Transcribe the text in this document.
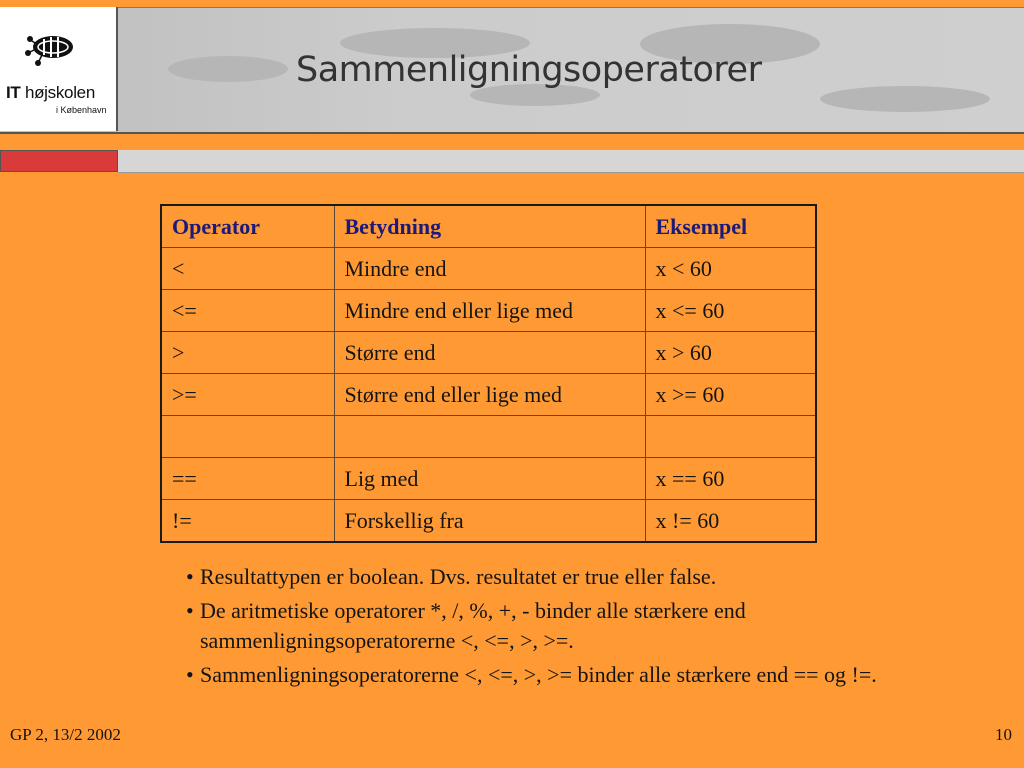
IT højskolen
i København
Sammenligningsoperatorer
Operator	Betydning	Eksempel
<	Mindre end	x < 60
<=	Mindre end eller lige med	x <= 60
>	Større end	x > 60
>=	Større end eller lige med	x >= 60

==	Lig med	x == 60
!=	Forskellig fra	x != 60

• Resultattypen er boolean. Dvs. resultatet er true eller false.

• De aritmetiske operatorer *, /, %, +, - binder alle stærkere end sammenligningsoperatorerne <, <=, >, >=.

• Sammenligningsoperatorerne <, <=, >, >= binder alle stærkere end == og !=.

GP 2, 13/2 2002	10
